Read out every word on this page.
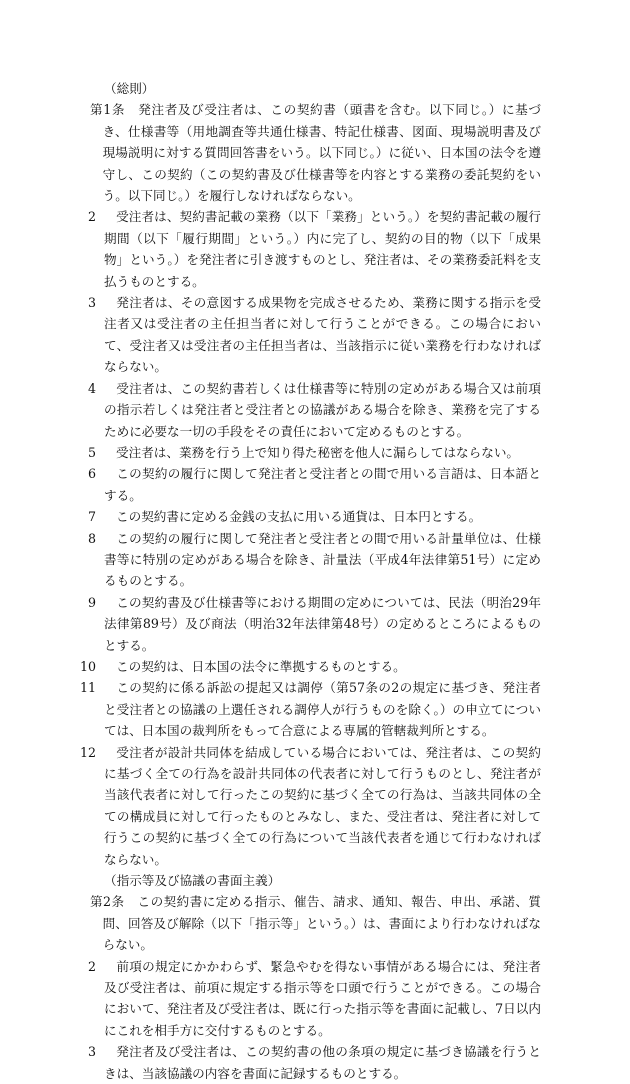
（総則）
第1条　発注者及び受注者は、この契約書（頭書を含む。以下同じ。）に基づき、仕様書等（用地調査等共通仕様書、特記仕様書、図面、現場説明書及び現場説明に対する質問回答書をいう。以下同じ。）に従い、日本国の法令を遵守し、この契約（この契約書及び仕様書等を内容とする業務の委託契約をいう。以下同じ。）を履行しなければならない。
2 受注者は、契約書記載の業務（以下「業務」という。）を契約書記載の履行期間（以下「履行期間」という。）内に完了し、契約の目的物（以下「成果物」という。）を発注者に引き渡すものとし、発注者は、その業務委託料を支払うものとする。
3 発注者は、その意図する成果物を完成させるため、業務に関する指示を受注者又は受注者の主任担当者に対して行うことができる。この場合において、受注者又は受注者の主任担当者は、当該指示に従い業務を行わなければならない。
4 受注者は、この契約書若しくは仕様書等に特別の定めがある場合又は前項の指示若しくは発注者と受注者との協議がある場合を除き、業務を完了するために必要な一切の手段をその責任において定めるものとする。
5 受注者は、業務を行う上で知り得た秘密を他人に漏らしてはならない。
6 この契約の履行に関して発注者と受注者との間で用いる言語は、日本語とする。
7 この契約書に定める金銭の支払に用いる通貨は、日本円とする。
8 この契約の履行に関して発注者と受注者との間で用いる計量単位は、仕様書等に特別の定めがある場合を除き、計量法（平成4年法律第51号）に定めるものとする。
9 この契約書及び仕様書等における期間の定めについては、民法（明治29年法律第89号）及び商法（明治32年法律第48号）の定めるところによるものとする。
10 この契約は、日本国の法令に準拠するものとする。
11 この契約に係る訴訟の提起又は調停（第57条の2の規定に基づき、発注者と受注者との協議の上選任される調停人が行うものを除く。）の申立てについては、日本国の裁判所をもって合意による専属的管轄裁判所とする。
12 受注者が設計共同体を結成している場合においては、発注者は、この契約に基づく全ての行為を設計共同体の代表者に対して行うものとし、発注者が当該代表者に対して行ったこの契約に基づく全ての行為は、当該共同体の全ての構成員に対して行ったものとみなし、また、受注者は、発注者に対して行うこの契約に基づく全ての行為について当該代表者を通じて行わなければならない。
（指示等及び協議の書面主義）
第2条　この契約書に定める指示、催告、請求、通知、報告、申出、承諾、質問、回答及び解除（以下「指示等」という。）は、書面により行わなければならない。
2 前項の規定にかかわらず、緊急やむを得ない事情がある場合には、発注者及び受注者は、前項に規定する指示等を口頭で行うことができる。この場合において、発注者及び受注者は、既に行った指示等を書面に記載し、7日以内にこれを相手方に交付するものとする。
3 発注者及び受注者は、この契約書の他の条項の規定に基づき協議を行うときは、当該協議の内容を書面に記録するものとする。
